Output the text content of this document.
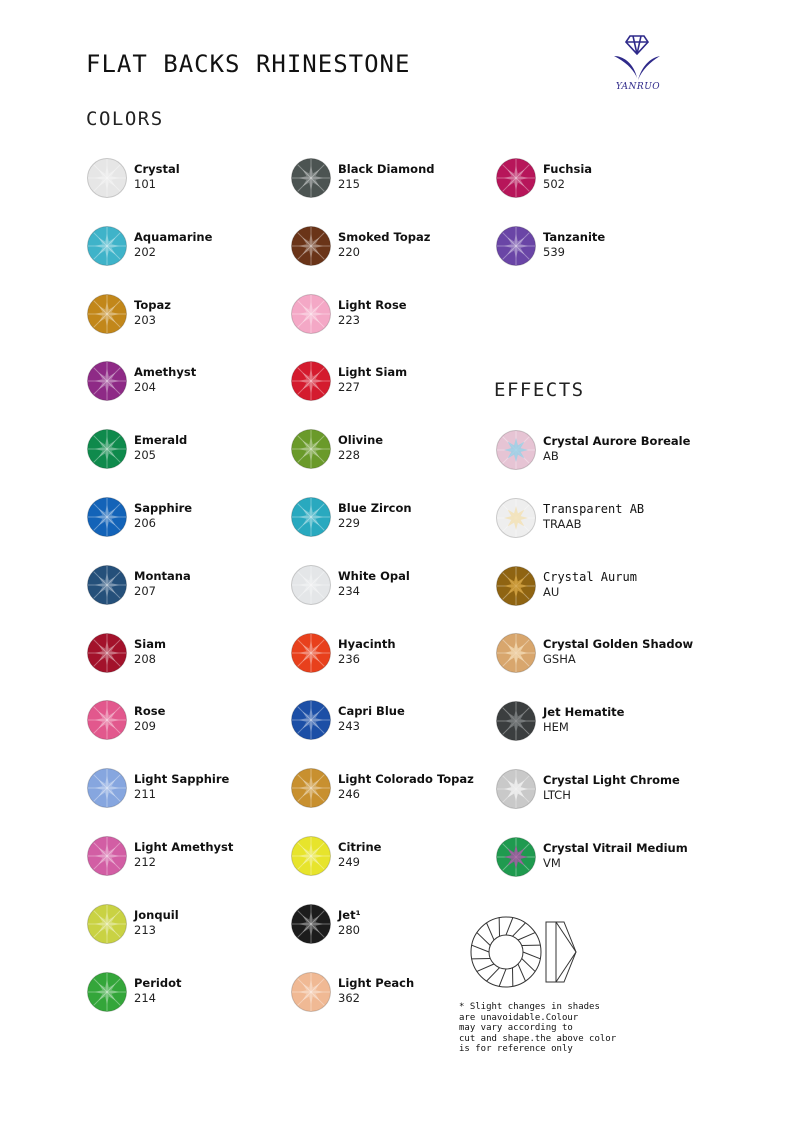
FLAT BACKS RHINESTONE
YANRUO
COLORS
EFFECTS
Crystal
101
Aquamarine
202
Topaz
203
Amethyst
204
Emerald
205
Sapphire
206
Montana
207
Siam
208
Rose
209
Light Sapphire
211
Light Amethyst
212
Jonquil
213
Peridot
214
Black Diamond
215
Smoked Topaz
220
Light Rose
223
Light Siam
227
Olivine
228
Blue Zircon
229
White Opal
234
Hyacinth
236
Capri Blue
243
Light Colorado Topaz
246
Citrine
249
Jet¹
280
Light Peach
362
Fuchsia
502
Tanzanite
539
Crystal Aurore Boreale
AB
Transparent AB
TRAAB
Crystal Aurum
AU
Crystal Golden Shadow
GSHA
Jet Hematite
HEM
Crystal Light Chrome
LTCH
Crystal Vitrail Medium
VM
* Slight changes in shades
are unavoidable.Colour
may vary according to
cut and shape.the above color
is for reference only
